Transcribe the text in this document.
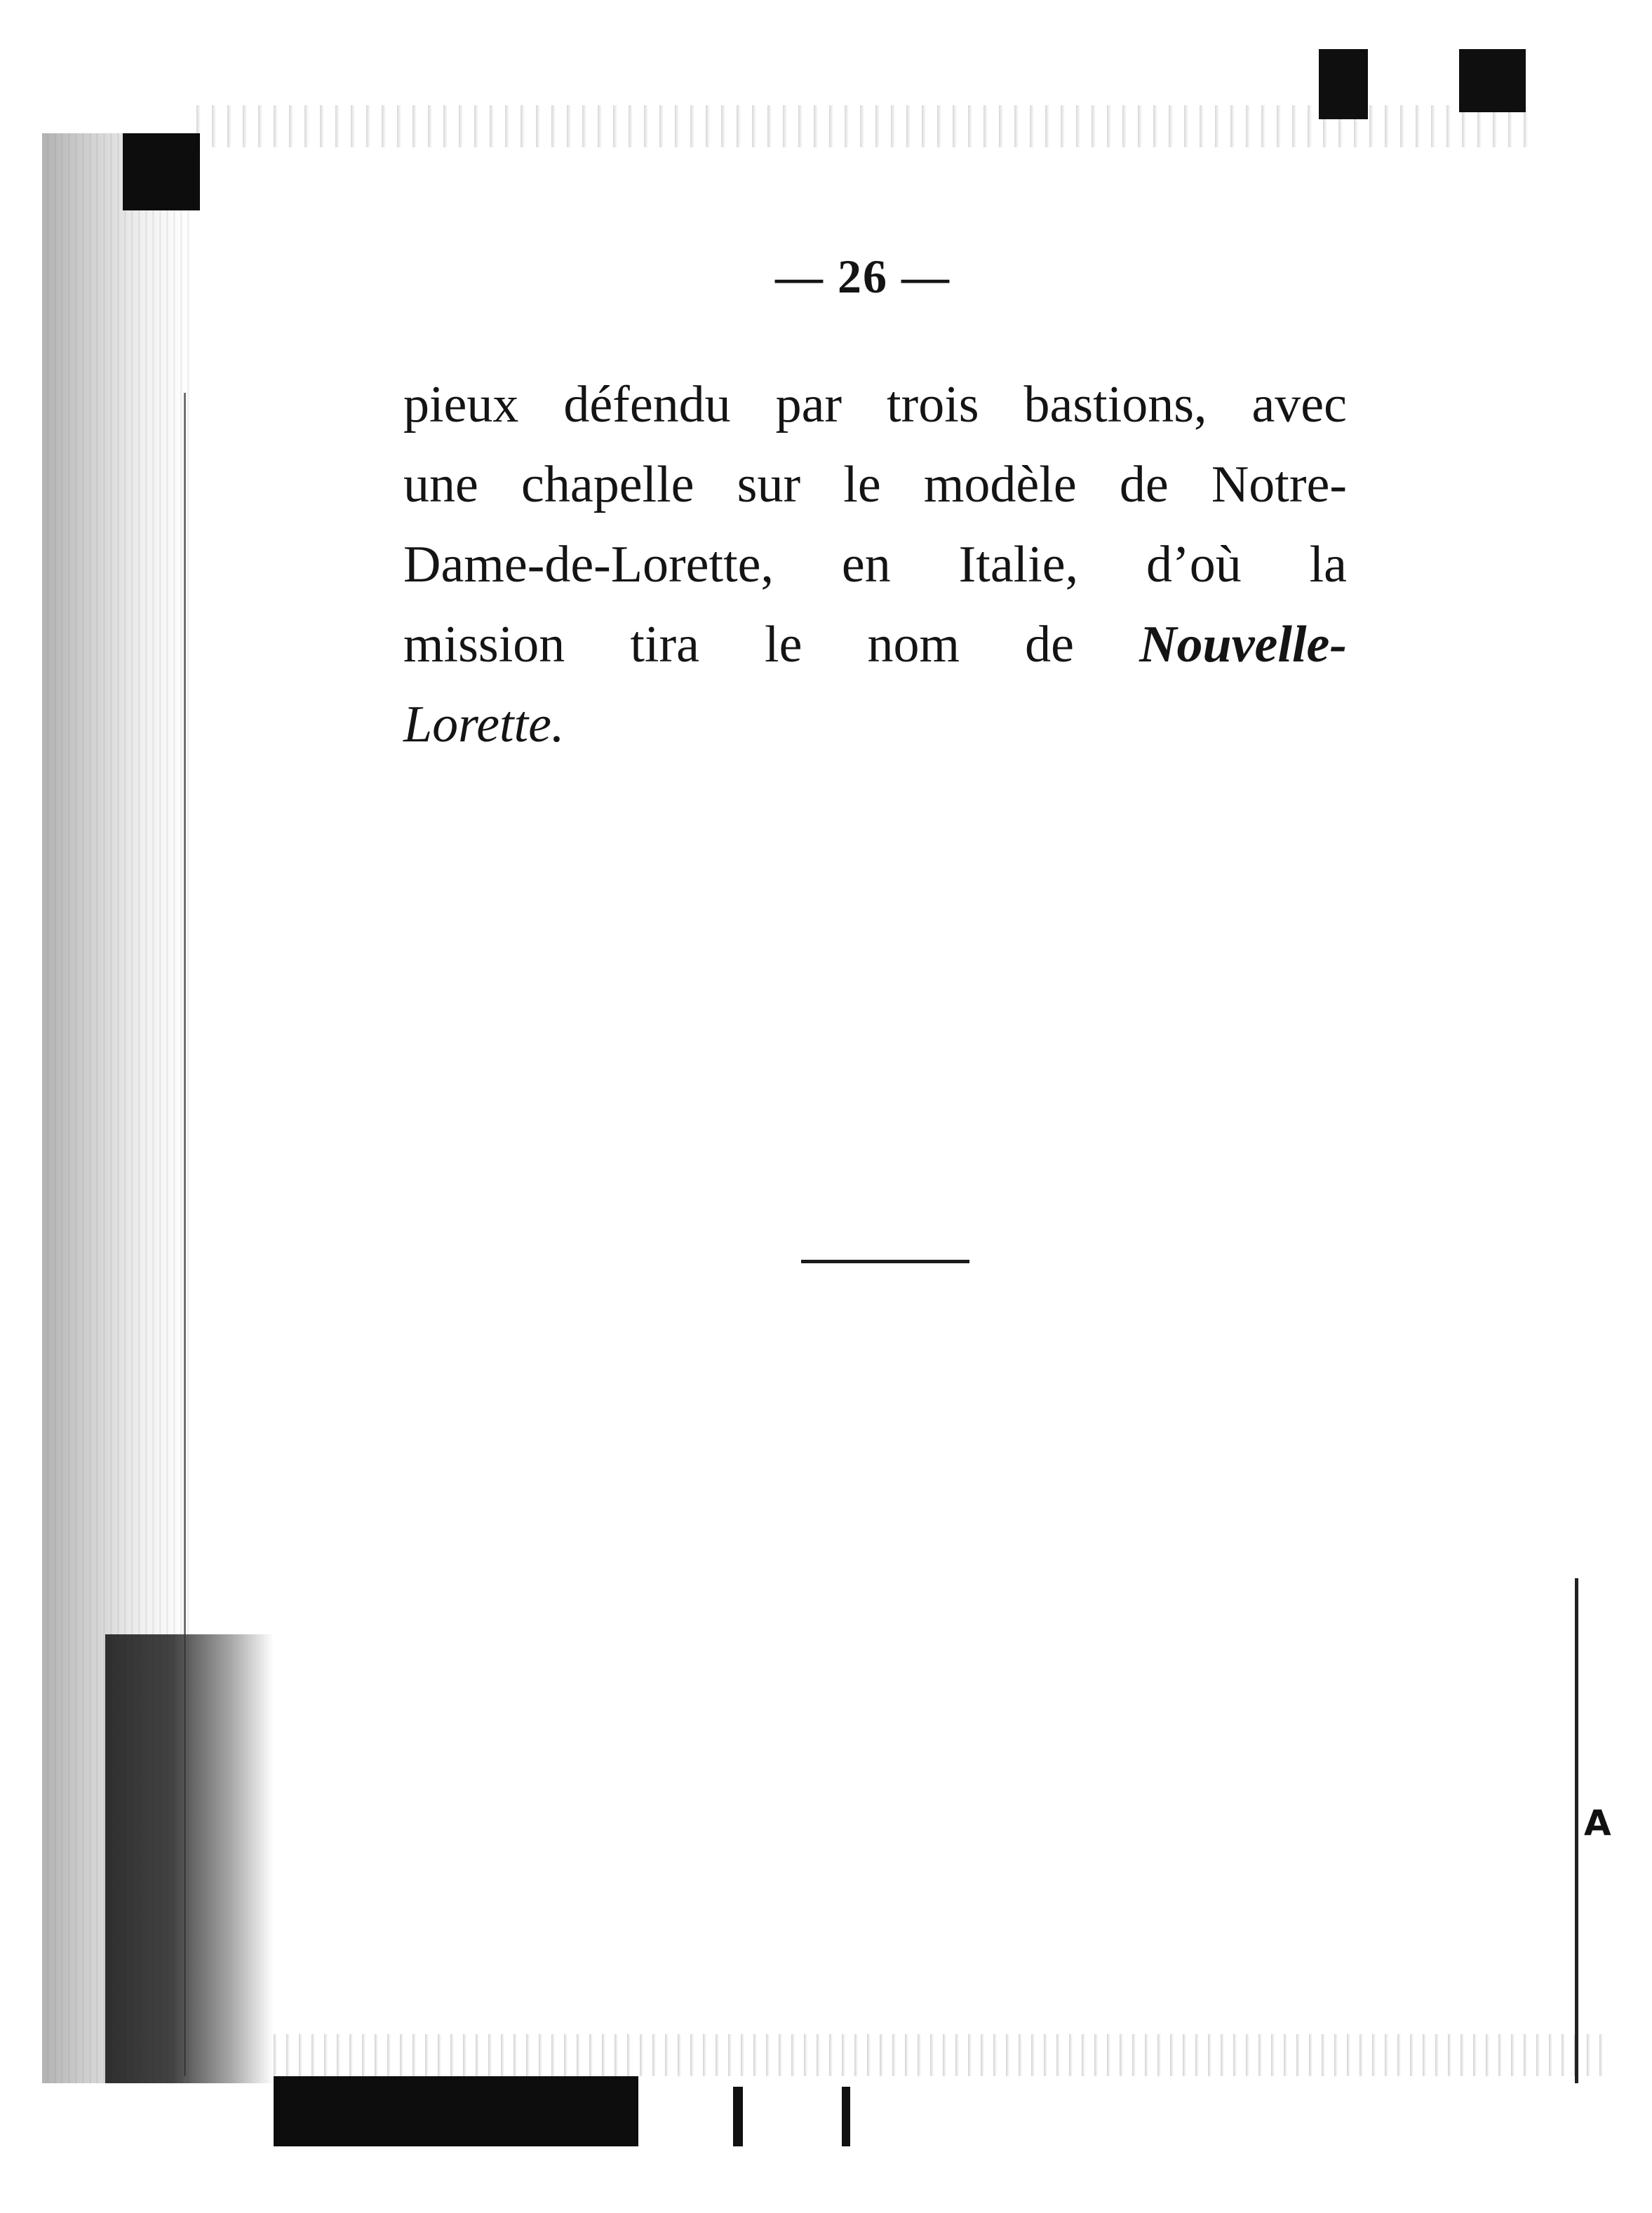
A
— 26 —
pieux défendu par trois bastions, avec
une chapelle sur le modèle de Notre-
Dame-de-Lorette, en Italie, d’où la
mission tira le nom de Nouvelle-
Lorette.
